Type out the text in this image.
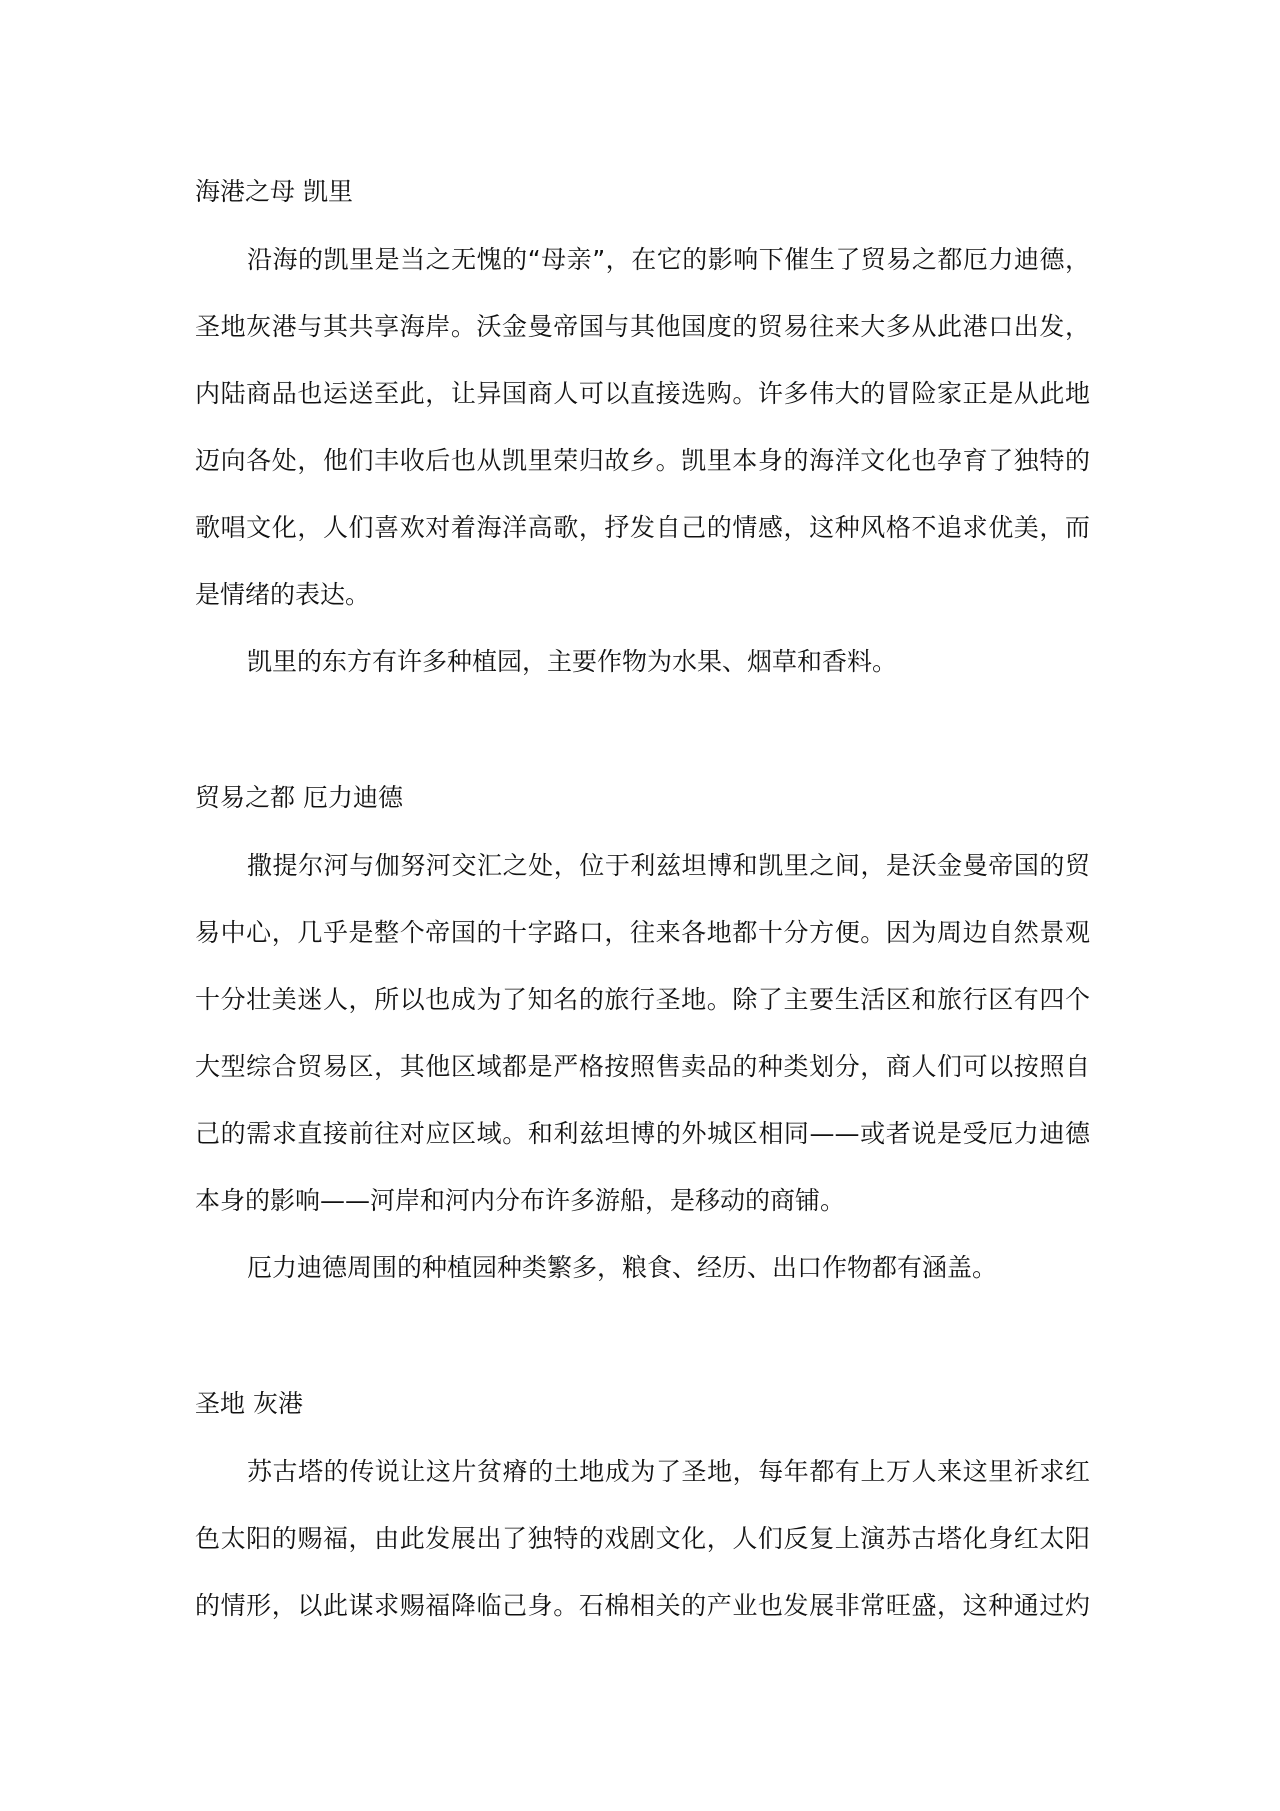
海港之母 凯里
沿海的凯里是当之无愧的“母亲”，在它的影响下催生了贸易之都厄力迪德，
圣地灰港与其共享海岸。沃金曼帝国与其他国度的贸易往来大多从此港口出发，
内陆商品也运送至此，让异国商人可以直接选购。许多伟大的冒险家正是从此地
迈向各处，他们丰收后也从凯里荣归故乡。凯里本身的海洋文化也孕育了独特的
歌唱文化，人们喜欢对着海洋高歌，抒发自己的情感，这种风格不追求优美，而
是情绪的表达。
凯里的东方有许多种植园，主要作物为水果、烟草和香料。
贸易之都 厄力迪德
撒提尔河与伽努河交汇之处，位于利兹坦博和凯里之间，是沃金曼帝国的贸
易中心，几乎是整个帝国的十字路口，往来各地都十分方便。因为周边自然景观
十分壮美迷人，所以也成为了知名的旅行圣地。除了主要生活区和旅行区有四个
大型综合贸易区，其他区域都是严格按照售卖品的种类划分，商人们可以按照自
己的需求直接前往对应区域。和利兹坦博的外城区相同——或者说是受厄力迪德
本身的影响——河岸和河内分布许多游船，是移动的商铺。
厄力迪德周围的种植园种类繁多，粮食、经历、出口作物都有涵盖。
圣地 灰港
苏古塔的传说让这片贫瘠的土地成为了圣地，每年都有上万人来这里祈求红
色太阳的赐福，由此发展出了独特的戏剧文化，人们反复上演苏古塔化身红太阳
的情形，以此谋求赐福降临己身。石棉相关的产业也发展非常旺盛，这种通过灼
